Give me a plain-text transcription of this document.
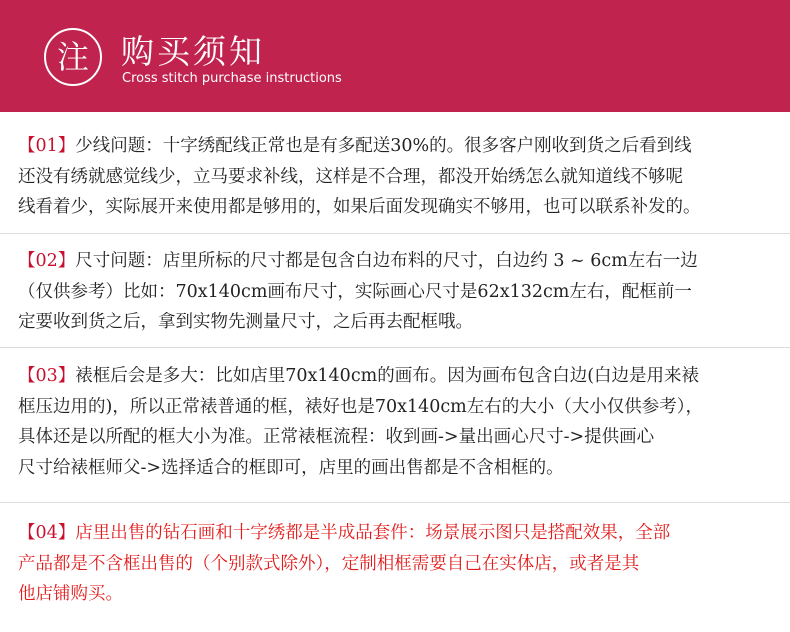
注 购买须知
Cross stitch purchase instructions
【01】少线问题：十字绣配线正常也是有多配送30%的。很多客户刚收到货之后看到线
还没有绣就感觉线少，立马要求补线，这样是不合理，都没开始绣怎么就知道线不够呢
线看着少，实际展开来使用都是够用的，如果后面发现确实不够用，也可以联系补发的。
【02】尺寸问题：店里所标的尺寸都是包含白边布料的尺寸，白边约 3 ~ 6cm左右一边
（仅供参考）比如：70x140cm画布尺寸，实际画心尺寸是62x132cm左右，配框前一
定要收到货之后，拿到实物先测量尺寸，之后再去配框哦。
【03】裱框后会是多大：比如店里70x140cm的画布。因为画布包含白边(白边是用来裱
框压边用的)，所以正常裱普通的框，裱好也是70x140cm左右的大小（大小仅供参考），
具体还是以所配的框大小为准。正常裱框流程：收到画->量出画心尺寸->提供画心
尺寸给裱框师父->选择适合的框即可，店里的画出售都是不含相框的。
【04】店里出售的钻石画和十字绣都是半成品套件：场景展示图只是搭配效果，全部
产品都是不含框出售的（个别款式除外），定制相框需要自己在实体店，或者是其
他店铺购买。
